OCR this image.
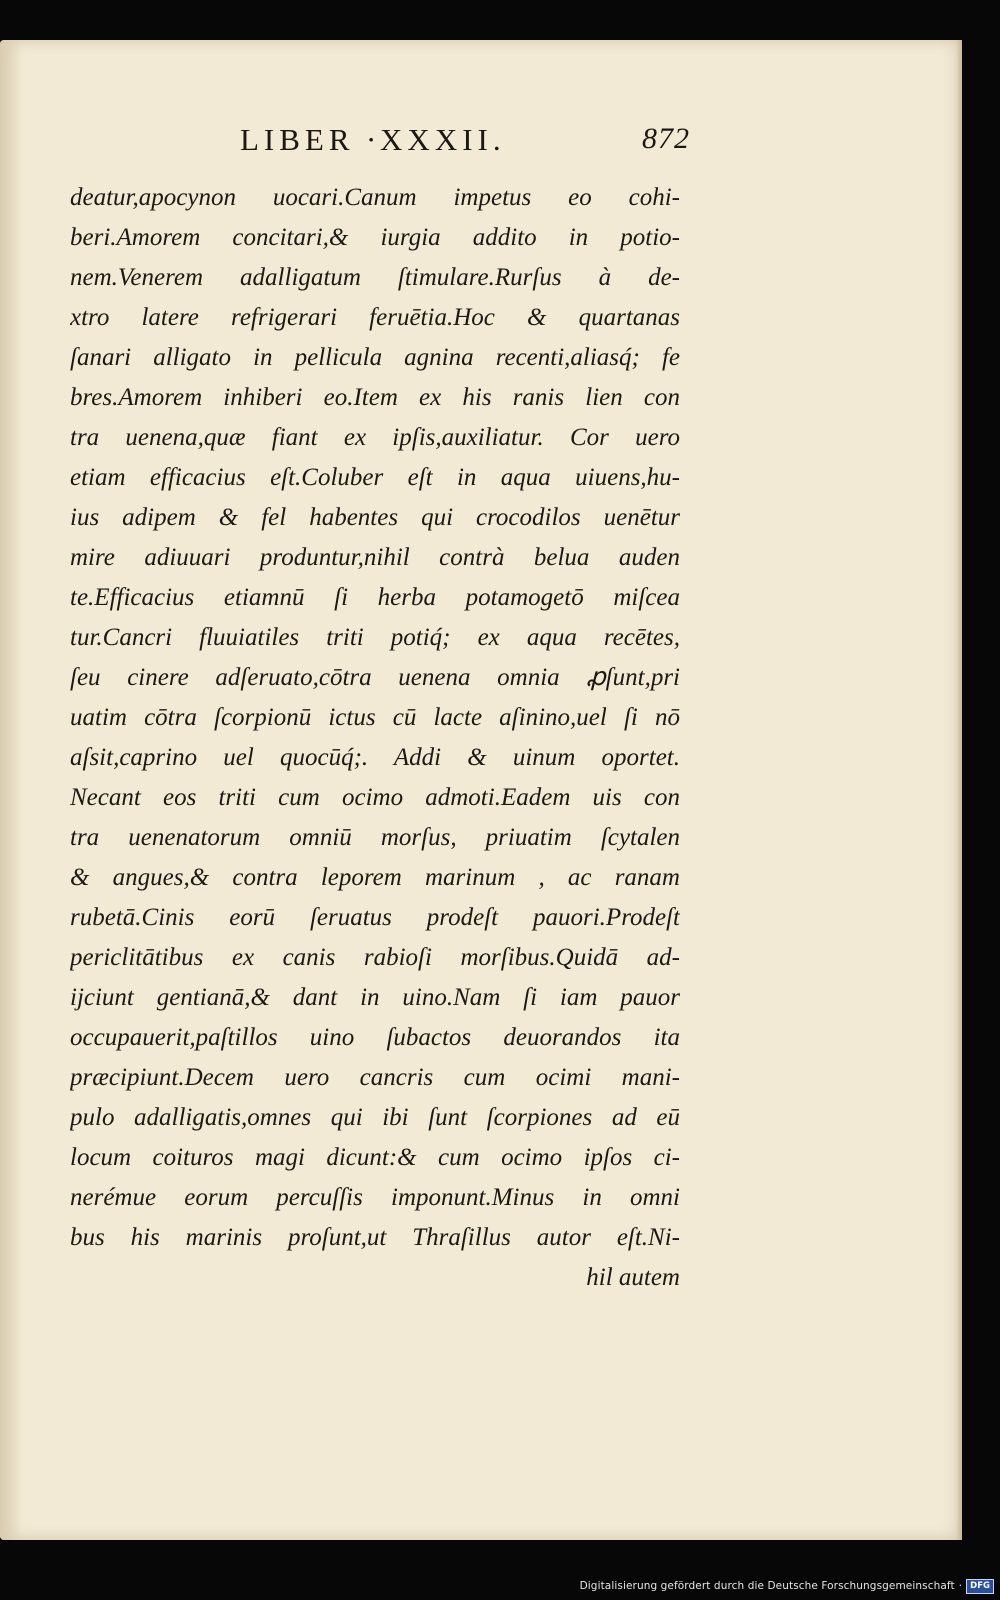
LIBER ∙XXXII.	872
deatur,apocynon uocari.Canum impetus eo cohi-
beri.Amorem concitari,& iurgia addito in potio-
nem.Venerem adalligatum ſtimulare.Rurſus à de-
xtro latere refrigerari feruētia.Hoc & quartanas
ſanari alligato in pellicula agnina recenti,aliasq́; fe
bres.Amorem inhiberi eo.Item ex his ranis lien con
tra uenena,quæ fiant ex ipſis,auxiliatur. Cor uero
etiam efficacius eſt.Coluber eſt in aqua uiuens,hu-
ius adipem & fel habentes qui crocodilos uenētur
mire adiuuari produntur,nihil contrà belua auden
te.Efficacius etiamnū ſi herba potamogetō miſcea
tur.Cancri fluuiatiles triti potiq́; ex aqua recētes,
ſeu cinere adſeruato,cōtra uenena omnia ꝓſunt,pri
uatim cōtra ſcorpionū ictus cū lacte aſinino,uel ſi nō
aſsit,caprino uel quocūq́;. Addi & uinum oportet.
Necant eos triti cum ocimo admoti.Eadem uis con
tra uenenatorum omniū morſus, priuatim ſcytalen
& angues,& contra leporem marinum , ac ranam
rubetā.Cinis eorū ſeruatus prodeſt pauori.Prodeſt
periclitātibus ex canis rabioſi morſibus.Quidā ad-
ijciunt gentianā,& dant in uino.Nam ſi iam pauor
occupauerit,paſtillos uino ſubactos deuorandos ita
præcipiunt.Decem uero cancris cum ocimi mani-
pulo adalligatis,omnes qui ibi ſunt ſcorpiones ad eū
locum coituros magi dicunt:& cum ocimo ipſos ci-
nerémue eorum percuſſis imponunt.Minus in omni
bus his marinis proſunt,ut Thraſillus autor eſt.Ni-
hil autem
Digitalisierung gefördert durch die Deutsche Forschungsgemeinschaft · DFG
